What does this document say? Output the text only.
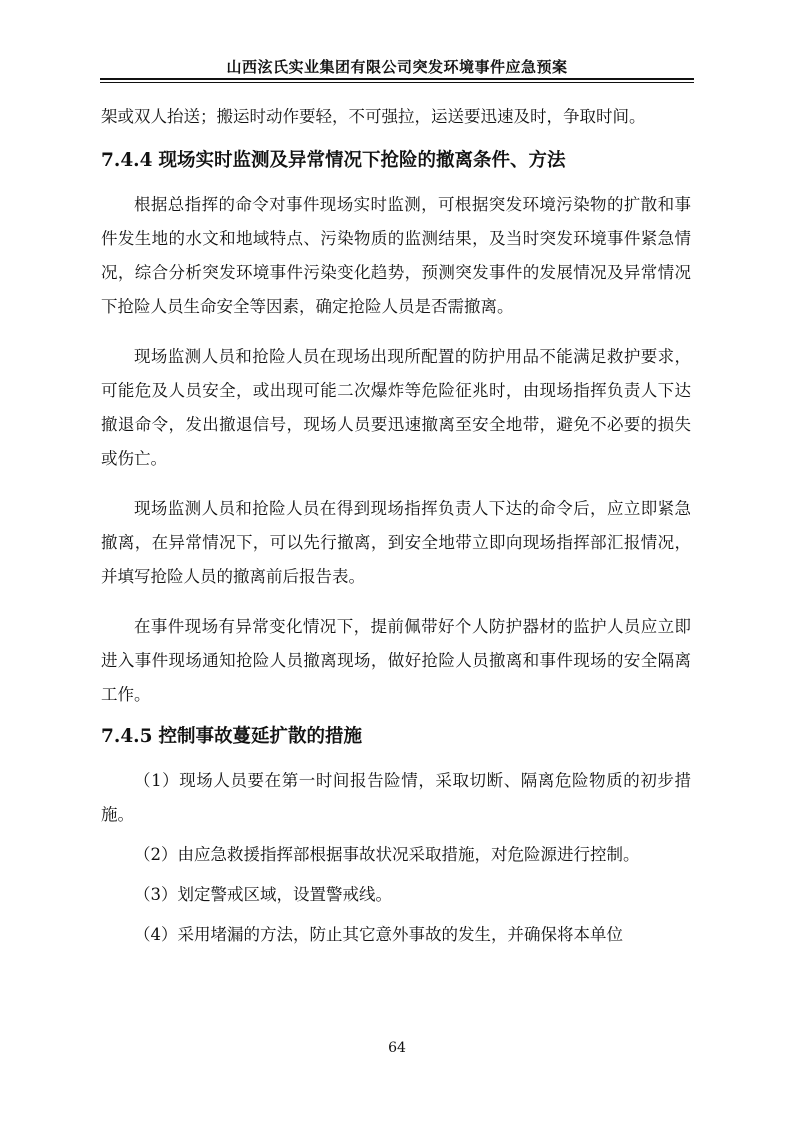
山西泫氏实业集团有限公司突发环境事件应急预案

架或双人抬送；搬运时动作要轻，不可强拉，运送要迅速及时，争取时间。

7.4.4 现场实时监测及异常情况下抢险的撤离条件、方法

根据总指挥的命令对事件现场实时监测，可根据突发环境污染物的扩散和事件发生地的水文和地域特点、污染物质的监测结果，及当时突发环境事件紧急情况，综合分析突发环境事件污染变化趋势，预测突发事件的发展情况及异常情况下抢险人员生命安全等因素，确定抢险人员是否需撤离。

现场监测人员和抢险人员在现场出现所配置的防护用品不能满足救护要求，可能危及人员安全，或出现可能二次爆炸等危险征兆时，由现场指挥负责人下达撤退命令，发出撤退信号，现场人员要迅速撤离至安全地带，避免不必要的损失或伤亡。

现场监测人员和抢险人员在得到现场指挥负责人下达的命令后，应立即紧急撤离，在异常情况下，可以先行撤离，到安全地带立即向现场指挥部汇报情况，并填写抢险人员的撤离前后报告表。

在事件现场有异常变化情况下，提前佩带好个人防护器材的监护人员应立即进入事件现场通知抢险人员撤离现场，做好抢险人员撤离和事件现场的安全隔离工作。

7.4.5 控制事故蔓延扩散的措施

（1）现场人员要在第一时间报告险情，采取切断、隔离危险物质的初步措施。

（2）由应急救援指挥部根据事故状况采取措施，对危险源进行控制。

（3）划定警戒区域，设置警戒线。

（4）采用堵漏的方法，防止其它意外事故的发生，并确保将本单位

64
